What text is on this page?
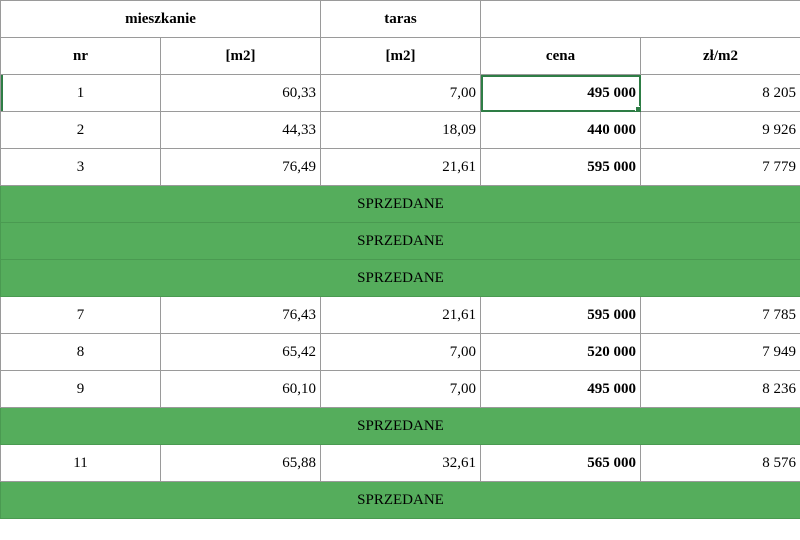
mieszkanie		taras		
nr	[m2]	[m2]	cena	zł/m2
1	60,33	7,00	495 000	8 205
2	44,33	18,09	440 000	9 926
3	76,49	21,61	595 000	7 779
SPRZEDANE				
SPRZEDANE				
SPRZEDANE				
7	76,43	21,61	595 000	7 785
8	65,42	7,00	520 000	7 949
9	60,10	7,00	495 000	8 236
SPRZEDANE				
11	65,88	32,61	565 000	8 576
SPRZEDANE				
